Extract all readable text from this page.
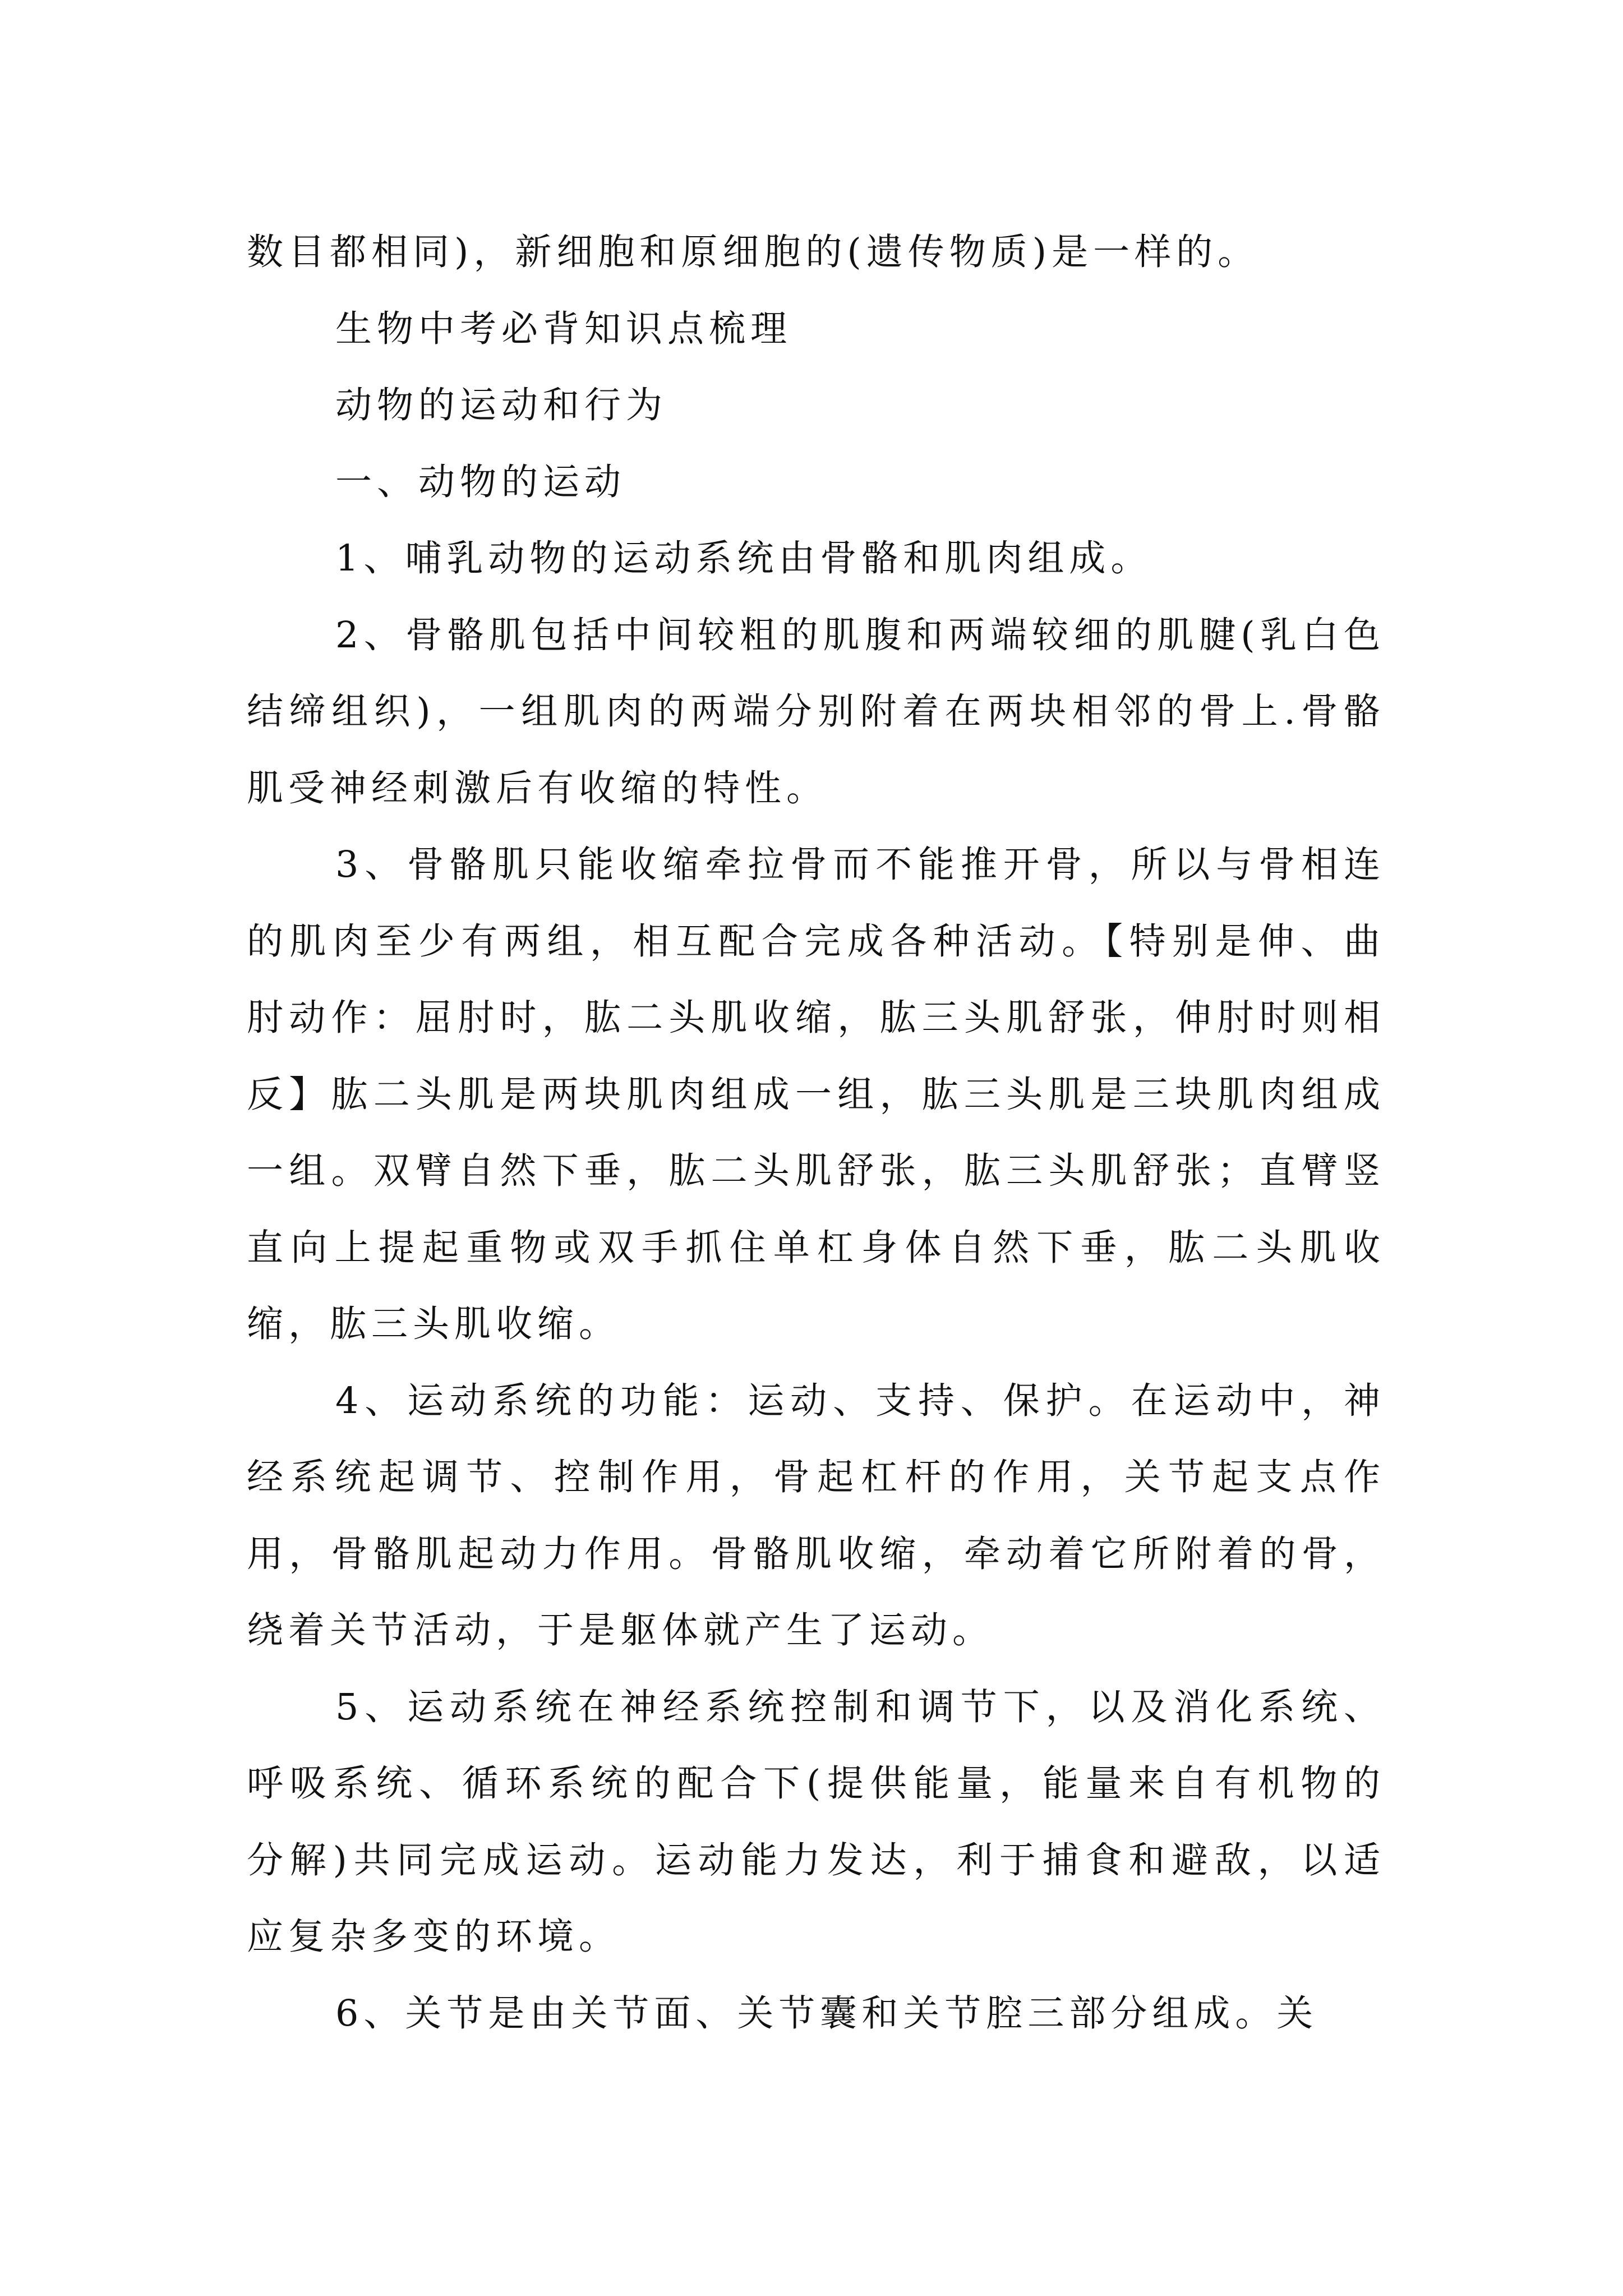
数目都相同)，新细胞和原细胞的(遗传物质)是一样的。

生物中考必背知识点梳理

动物的运动和行为

一、动物的运动

1、哺乳动物的运动系统由骨骼和肌肉组成。

2、骨骼肌包括中间较粗的肌腹和两端较细的肌腱(乳白色结缔组织)，一组肌肉的两端分别附着在两块相邻的骨上.骨骼肌受神经刺激后有收缩的特性。

3、骨骼肌只能收缩牵拉骨而不能推开骨，所以与骨相连的肌肉至少有两组，相互配合完成各种活动。【特别是伸、曲肘动作：屈肘时，肱二头肌收缩，肱三头肌舒张，伸肘时则相反】肱二头肌是两块肌肉组成一组，肱三头肌是三块肌肉组成一组。双臂自然下垂，肱二头肌舒张，肱三头肌舒张；直臂竖直向上提起重物或双手抓住单杠身体自然下垂，肱二头肌收缩，肱三头肌收缩。

4、运动系统的功能：运动、支持、保护。在运动中，神经系统起调节、控制作用，骨起杠杆的作用，关节起支点作用，骨骼肌起动力作用。骨骼肌收缩，牵动着它所附着的骨，绕着关节活动，于是躯体就产生了运动。

5、运动系统在神经系统控制和调节下，以及消化系统、呼吸系统、循环系统的配合下(提供能量，能量来自有机物的分解)共同完成运动。运动能力发达，利于捕食和避敌，以适应复杂多变的环境。

6、关节是由关节面、关节囊和关节腔三部分组成。关
